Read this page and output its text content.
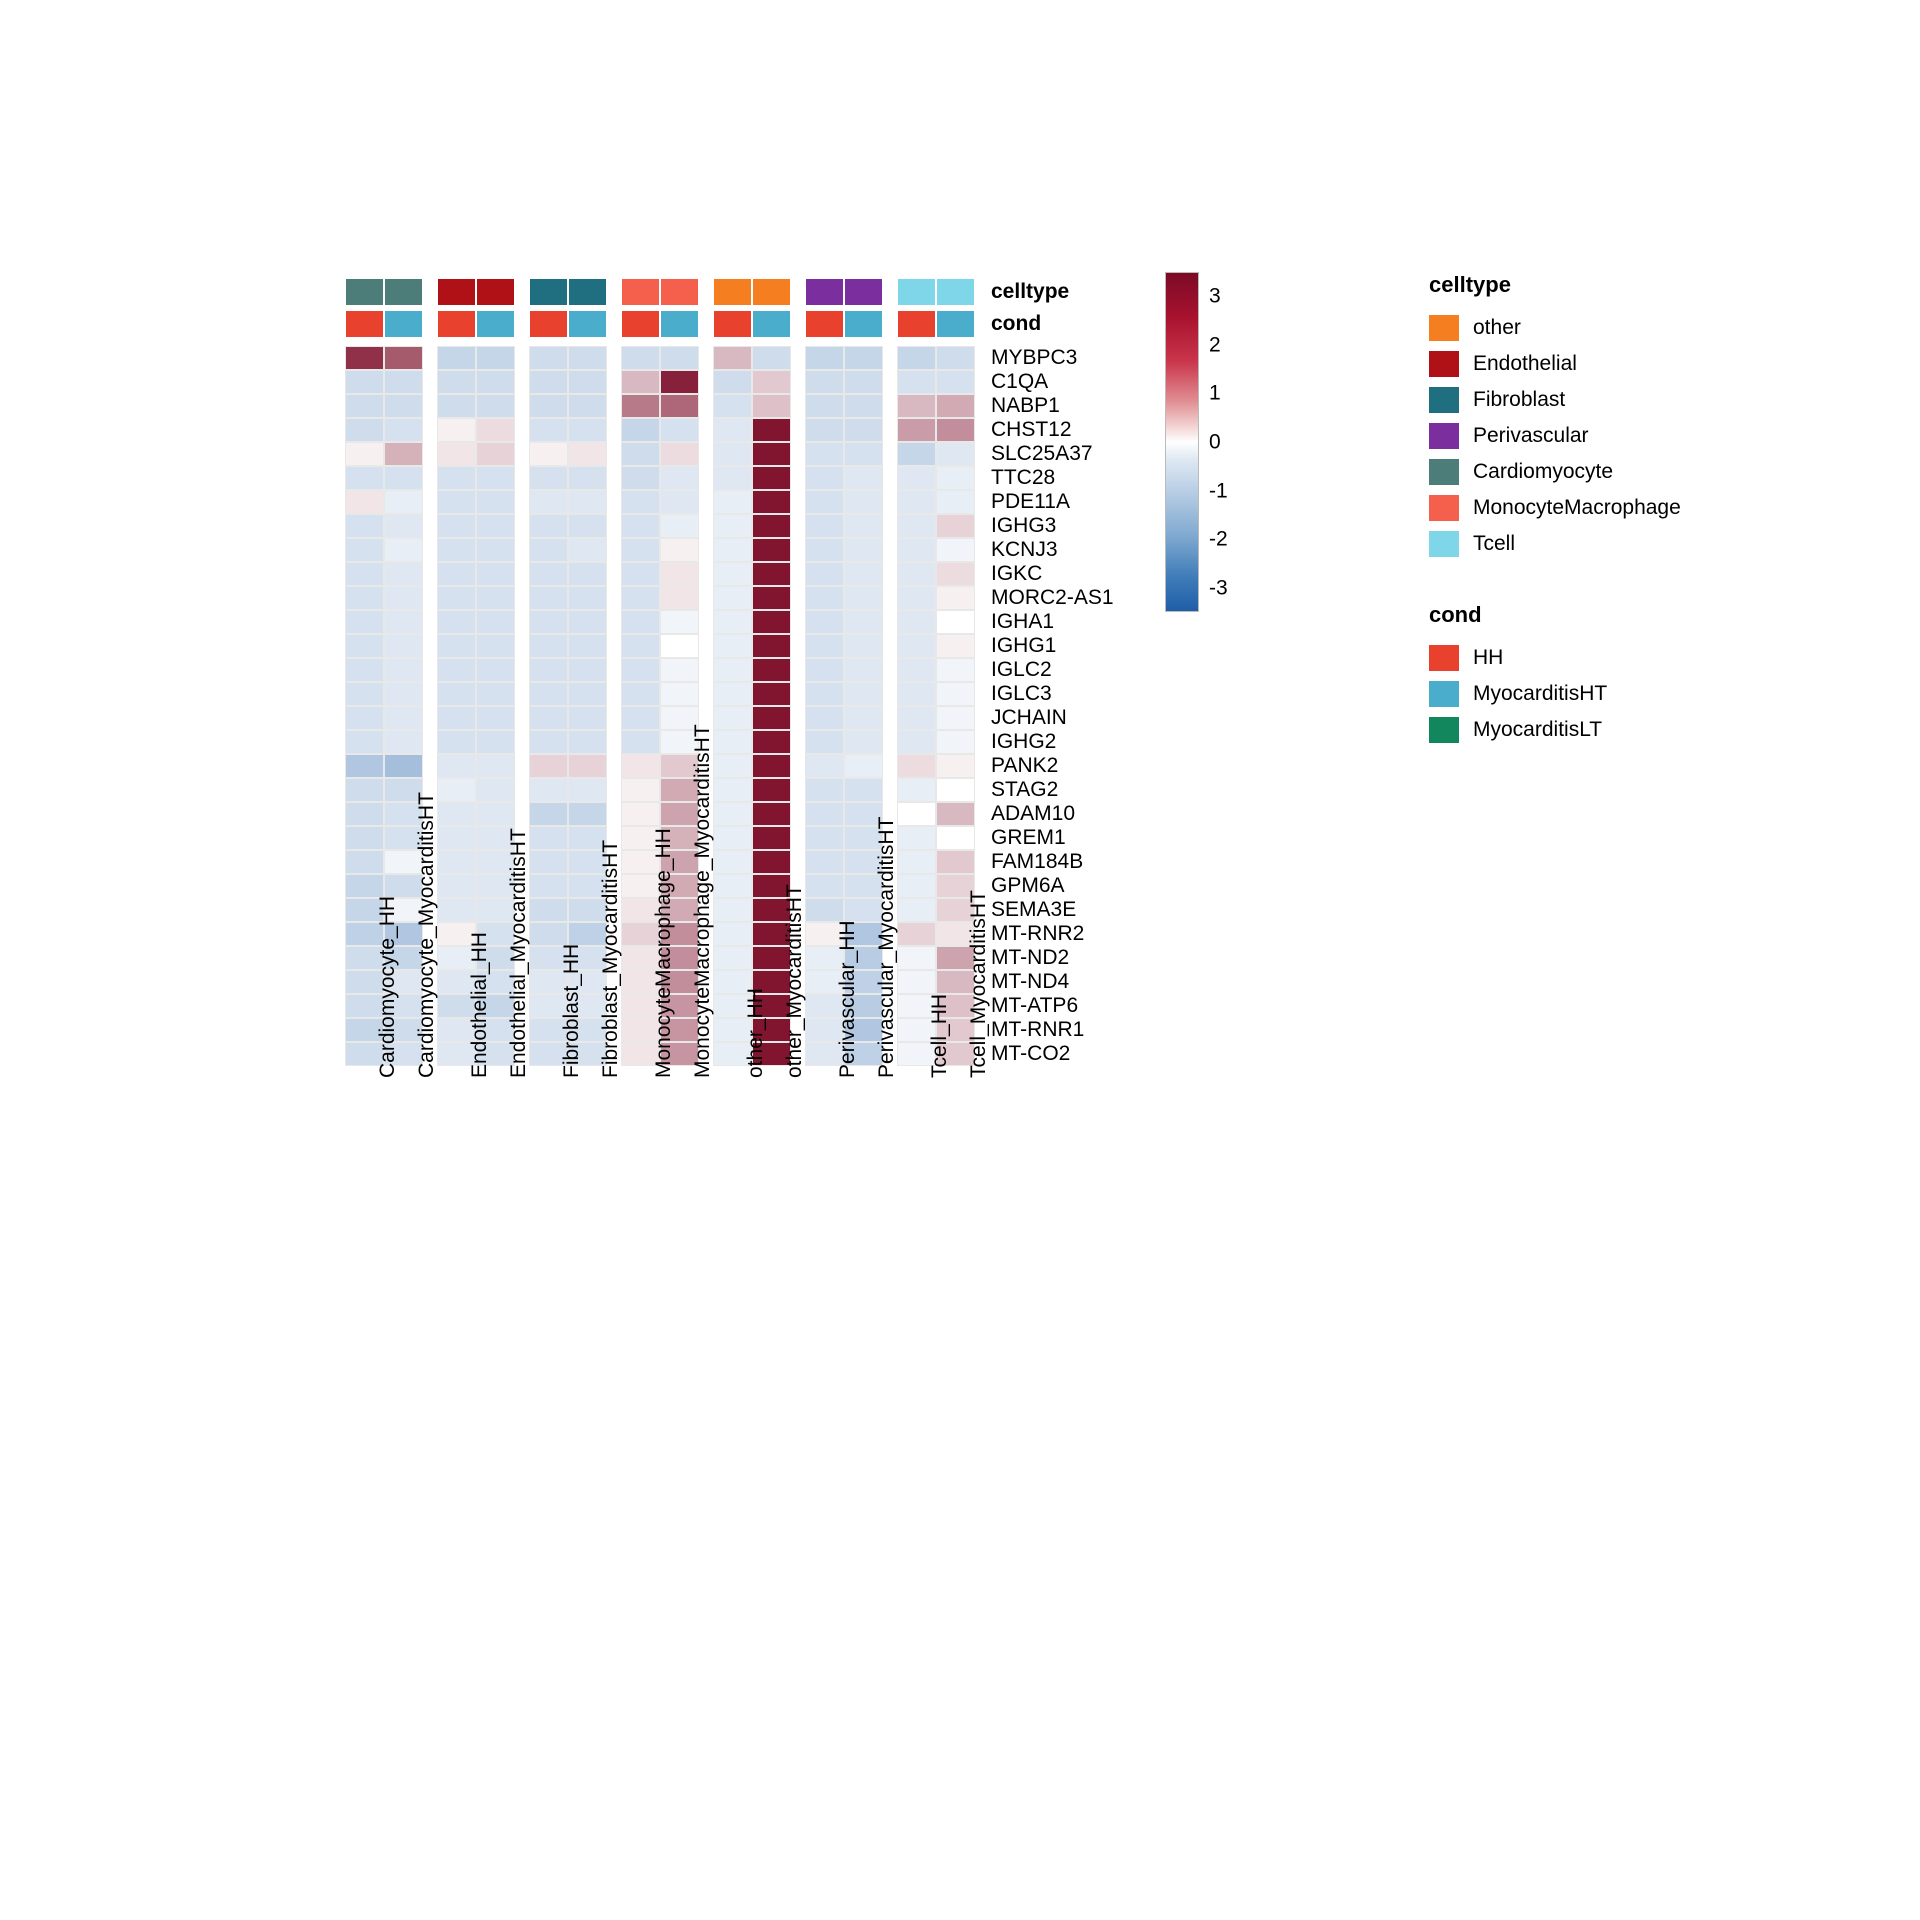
celltype
cond
MYBPC3
C1QA
NABP1
CHST12
SLC25A37
TTC28
PDE11A
IGHG3
KCNJ3
IGKC
MORC2-AS1
IGHA1
IGHG1
IGLC2
IGLC3
JCHAIN
IGHG2
PANK2
STAG2
ADAM10
GREM1
FAM184B
GPM6A
SEMA3E
MT-RNR2
MT-ND2
MT-ND4
MT-ATP6
MT-RNR1
MT-CO2
Cardiomyocyte_HH Cardiomyocyte_MyocarditisHT Endothelial_HH Endothelial_MyocarditisHT Fibroblast_HH Fibroblast_MyocarditisHT MonocyteMacrophage_HH MonocyteMacrophage_MyocarditisHT other_HH other_MyocarditisHT Perivascular_HH Perivascular_MyocarditisHT Tcell_HH Tcell_MyocarditisHT
3
2
1
0
-1
-2
-3
celltype
other
Endothelial
Fibroblast
Perivascular
Cardiomyocyte
MonocyteMacrophage
Tcell
cond
HH
MyocarditisHT
MyocarditisLT
